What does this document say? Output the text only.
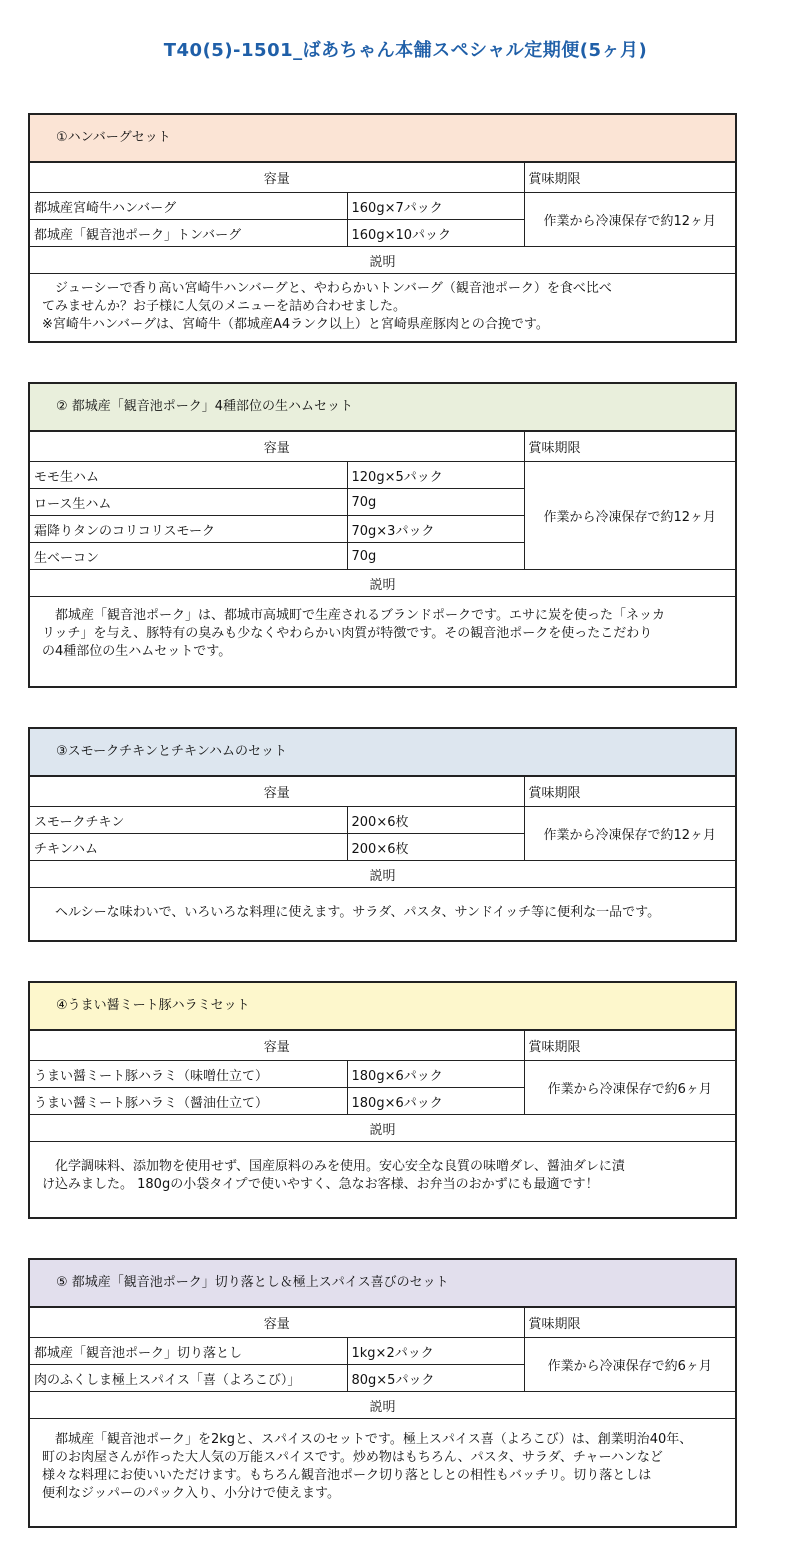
T40(5)-1501_ばあちゃん本舗スペシャル定期便(5ヶ月)
①ハンバーグセット
容量		賞味期限
都城産宮崎牛ハンバーグ	160g×7パック	作業から冷凍保存で約12ヶ月
都城産「観音池ポーク」トンバーグ	160g×10パック	
説明		
　ジューシーで香り高い宮崎牛ハンバーグと、やわらかいトンバーグ（観音池ポーク）を食べ比べ
てみませんか？お子様に人気のメニューを詰め合わせました。
※宮崎牛ハンバーグは、宮崎牛（都城産A4ランク以上）と宮崎県産豚肉との合挽です。
② 都城産「観音池ポーク」4種部位の生ハムセット
容量		賞味期限
モモ生ハム	120g×5パック	作業から冷凍保存で約12ヶ月
ロース生ハム	70g	
霜降りタンのコリコリスモーク	70g×3パック	
生ベーコン	70g	
説明		
　都城産「観音池ポーク」は、都城市高城町で生産されるブランドポークです。エサに炭を使った「ネッカ
リッチ」を与え、豚特有の臭みも少なくやわらかい肉質が特徴です。その観音池ポークを使ったこだわり
の4種部位の生ハムセットです。
③スモークチキンとチキンハムのセット
容量		賞味期限
スモークチキン	200×6枚	作業から冷凍保存で約12ヶ月
チキンハム	200×6枚	
説明		
　ヘルシーな味わいで、いろいろな料理に使えます。サラダ、パスタ、サンドイッチ等に便利な一品です。
④うまい醤ミート豚ハラミセット
容量		賞味期限
うまい醤ミート豚ハラミ（味噌仕立て）	180g×6パック	作業から冷凍保存で約6ヶ月
うまい醤ミート豚ハラミ（醤油仕立て）	180g×6パック	
説明		
　化学調味料、添加物を使用せず、国産原料のみを使用。安心安全な良質の味噌ダレ、醤油ダレに漬
け込みました。 180gの小袋タイプで使いやすく、急なお客様、お弁当のおかずにも最適です！
⑤ 都城産「観音池ポーク」切り落とし＆極上スパイス喜びのセット
容量		賞味期限
都城産「観音池ポーク」切り落とし	1kg×2パック	作業から冷凍保存で約6ヶ月
肉のふくしま極上スパイス「喜（よろこび）」	80g×5パック	
説明		
　都城産「観音池ポーク」を2kgと、スパイスのセットです。極上スパイス喜（よろこび）は、創業明治40年、
町のお肉屋さんが作った大人気の万能スパイスです。炒め物はもちろん、パスタ、サラダ、チャーハンなど
様々な料理にお使いいただけます。もちろん観音池ポーク切り落としとの相性もバッチリ。切り落としは
便利なジッパーのパック入り、小分けで使えます。
